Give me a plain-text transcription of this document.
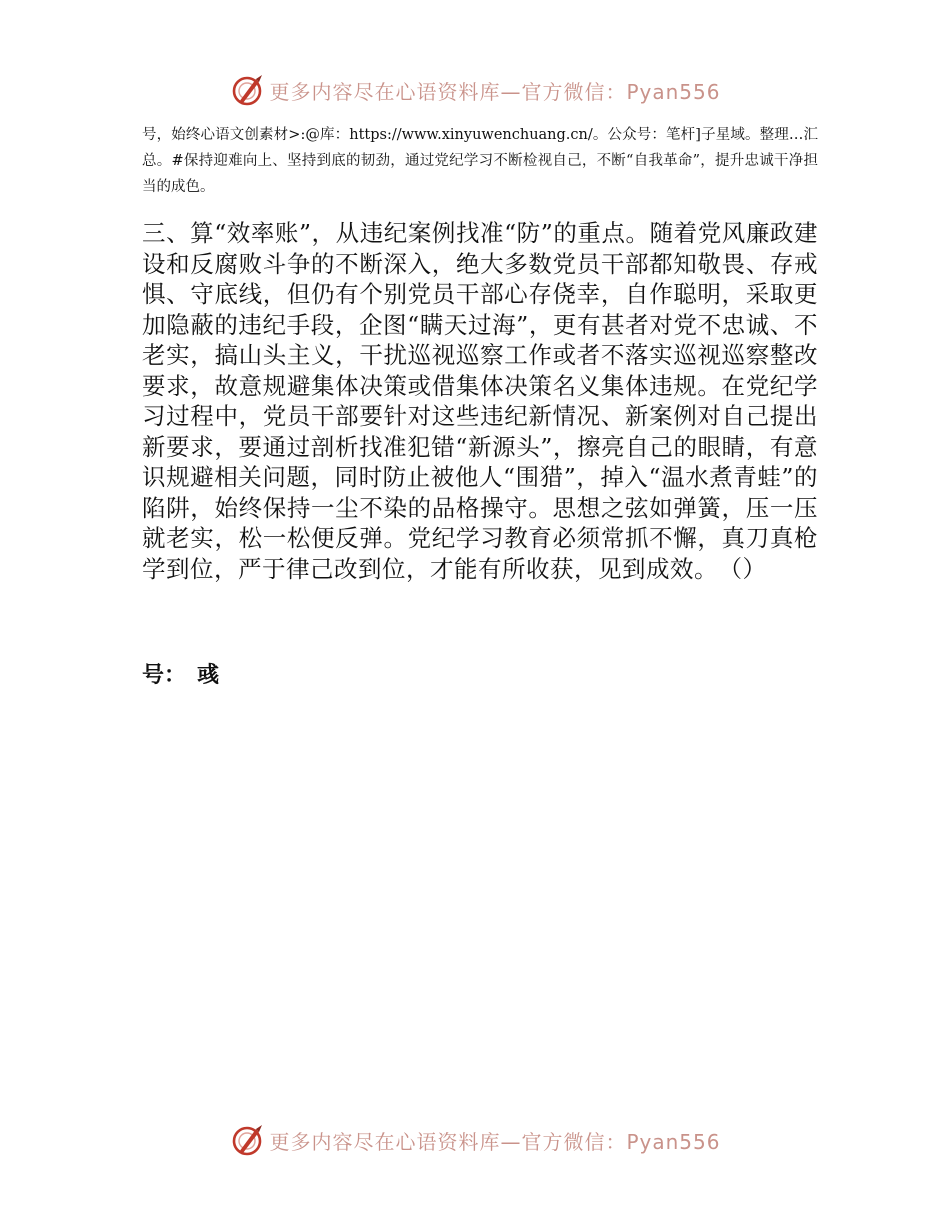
更多内容尽在心语资料库—官方微信：Pyan556

号，始终心语文创素材>:@库：https://www.xinyuwenchuang.cn/。公众号：笔杆]子星域。整理…汇总。#保持迎难向上、坚持到底的韧劲，通过党纪学习不断检视自己，不断“自我革命”，提升忠诚干净担当的成色。

三、算“效率账”，从违纪案例找准“防”的重点。随着党风廉政建设和反腐败斗争的不断深入，绝大多数党员干部都知敬畏、存戒惧、守底线，但仍有个别党员干部心存侥幸，自作聪明，采取更加隐蔽的违纪手段，企图“瞒天过海”，更有甚者对党不忠诚、不老实，搞山头主义，干扰巡视巡察工作或者不落实巡视巡察整改要求，故意规避集体决策或借集体决策名义集体违规。在党纪学习过程中，党员干部要针对这些违纪新情况、新案例对自己提出新要求，要通过剖析找准犯错“新源头”，擦亮自己的眼睛，有意识规避相关问题，同时防止被他人“围猎”，掉入“温水煮青蛙”的陷阱，始终保持一尘不染的品格操守。思想之弦如弹簧，压一压就老实，松一松便反弹。党纪学习教育必须常抓不懈，真刀真枪学到位，严于律己改到位，才能有所收获，见到成效。　（）

号：　彧

更多内容尽在心语资料库—官方微信：Pyan556
